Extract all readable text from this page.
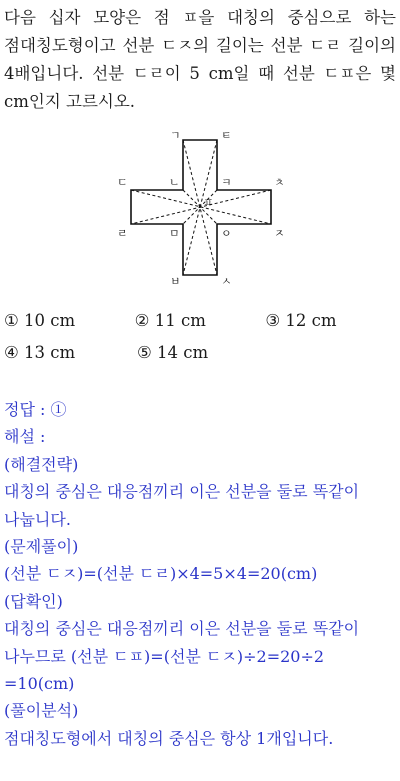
다음 십자 모양은 점 ㅍ을 대칭의 중심으로 하는 점대칭도형이고 선분 ㄷㅈ의 길이는 선분 ㄷㄹ 길이의 4배입니다. 선분 ㄷㄹ이 5 cm일 때 선분 ㄷㅍ은 몇 cm인지 고르시오.

ㄱ	ㅌ
ㄷ	ㄴ	ㅋ	ㅊ
ㅍ
ㄹ	ㅁ	ㅇ	ㅈ
ㅂ	ㅅ
① 10 cm	② 11 cm	③ 12 cm
④ 13 cm	⑤ 14 cm

정답 : ①

해설 :

(해결전략)

대칭의 중심은 대응점끼리 이은 선분을 둘로 똑같이 나눕니다.

(문제풀이)

(선분 ㄷㅈ)=(선분 ㄷㄹ)×4=5×4=20(cm)

(답확인)

대칭의 중심은 대응점끼리 이은 선분을 둘로 똑같이 나누므로 (선분 ㄷㅍ)=(선분 ㄷㅈ)÷2=20÷2

=10(cm)

(풀이분석)

점대칭도형에서 대칭의 중심은 항상 1개입니다.
